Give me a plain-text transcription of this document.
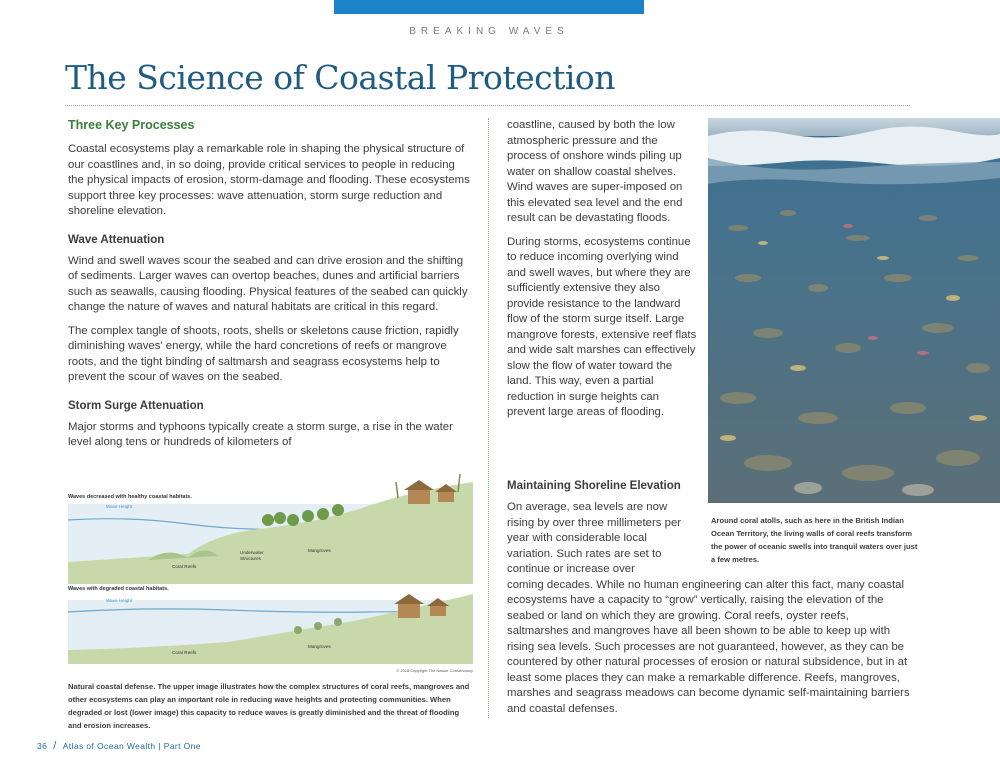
BREAKING WAVES
The Science of Coastal Protection
Three Key Processes

Coastal ecosystems play a remarkable role in shaping the physical structure of our coastlines and, in so doing, provide critical services to people in reducing the physical impacts of erosion, storm-damage and flooding. These ecosystems support three key processes: wave attenuation, storm surge reduction and shoreline elevation.

Wave Attenuation

Wind and swell waves scour the seabed and can drive erosion and the shifting of sediments. Larger waves can overtop beaches, dunes and artificial barriers such as seawalls, causing flooding. Physical features of the seabed can quickly change the nature of waves and natural habitats are critical in this regard.

The complex tangle of shoots, roots, shells or skeletons cause friction, rapidly diminishing waves' energy, while the hard concretions of reefs or mangrove roots, and the tight binding of saltmarsh and seagrass ecosystems help to prevent the scour of waves on the seabed.

Storm Surge Attenuation

Major storms and typhoons typically create a storm surge, a rise in the water level along tens or hundreds of kilometers of

coastline, caused by both the low atmospheric pressure and the process of onshore winds piling up water on shallow coastal shelves. Wind waves are super-imposed on this elevated sea level and the end result can be devastating floods.

During storms, ecosystems continue to reduce incoming overlying wind and swell waves, but where they are sufficiently extensive they also provide resistance to the landward flow of the storm surge itself. Large mangrove forests, extensive reef flats and wide salt marshes can effectively slow the flow of water toward the land. This way, even a partial reduction in surge heights can prevent large areas of flooding.

Around coral atolls, such as here in the British Indian Ocean Territory, the living walls of coral reefs transform the power of oceanic swells into tranquil waters over just a few metres.

Maintaining Shoreline Elevation

On average, sea levels are now rising by over three millimeters per year with considerable local variation. Such rates are set to continue or increase over

coming decades. While no human engineering can alter this fact, many coastal ecosystems have a capacity to “grow” vertically, raising the elevation of the seabed or land on which they are growing. Coral reefs, oyster reefs, saltmarshes and mangroves have all been shown to be able to keep up with rising sea levels. Such processes are not guaranteed, however, as they can be countered by other natural processes of erosion or natural subsidence, but in at least some places they can make a remarkable difference. Reefs, mangroves, marshes and seagrass meadows can become dynamic self-maintaining barriers and coastal defenses.

Waves decreased with healthy coastal habitats.
Wave Height
Coral Reefs
Underwater
Structures
Mangroves
Waves with degraded coastal habitats.
Wave Height
Coral Reefs
Mangroves
© 2016 Copyright The Nature Conservancy

Natural coastal defense. The upper image illustrates how the complex structures of coral reefs, mangroves and other ecosystems can play an important role in reducing wave heights and protecting communities. When degraded or lost (lower image) this capacity to reduce waves is greatly diminished and the threat of flooding and erosion increases.

36 / Atlas of Ocean Wealth | Part One
